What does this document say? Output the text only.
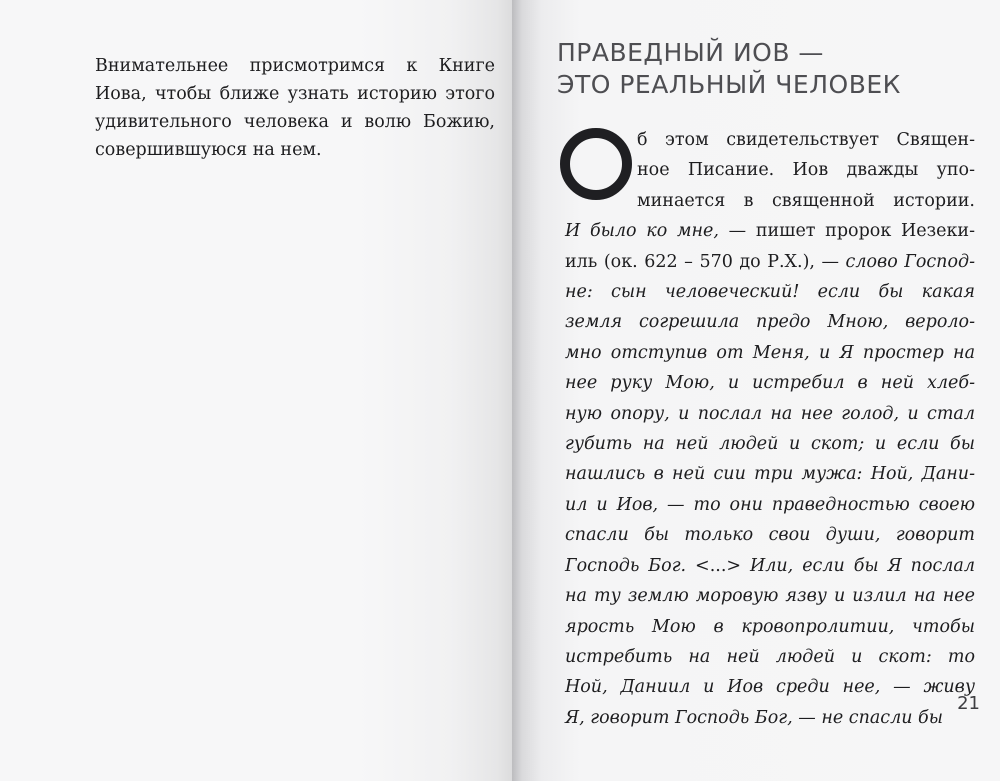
Внимательнее присмотримся к Книге
Иова, чтобы ближе узнать историю этого
удивительного человека и волю Божию,
совершившуюся на нем.
ПРАВЕДНЫЙ ИОВ —
ЭТО РЕАЛЬНЫЙ ЧЕЛОВЕК
б этом свидетельствует Священ-
ное Писание. Иов дважды упо-
минается в священной истории.
И было ко мне, — пишет пророк Иезеки-
иль (ок. 622 – 570 до Р.Х.), — слово Господ-
не: сын человеческий! если бы какая
земля согрешила предо Мною, вероло-
мно отступив от Меня, и Я простер на
нее руку Мою, и истребил в ней хлеб-
ную опору, и послал на нее голод, и стал
губить на ней людей и скот; и если бы
нашлись в ней сии три мужа: Ной, Дани-
ил и Иов, — то они праведностью своею
спасли бы только свои души, говорит
Господь Бог. <...> Или, если бы Я послал
на ту землю моровую язву и излил на нее
ярость Мою в кровопролитии, чтобы
истребить на ней людей и скот: то
Ной, Даниил и Иов среди нее, — живу
Я, говорит Господь Бог, — не спасли бы
21
